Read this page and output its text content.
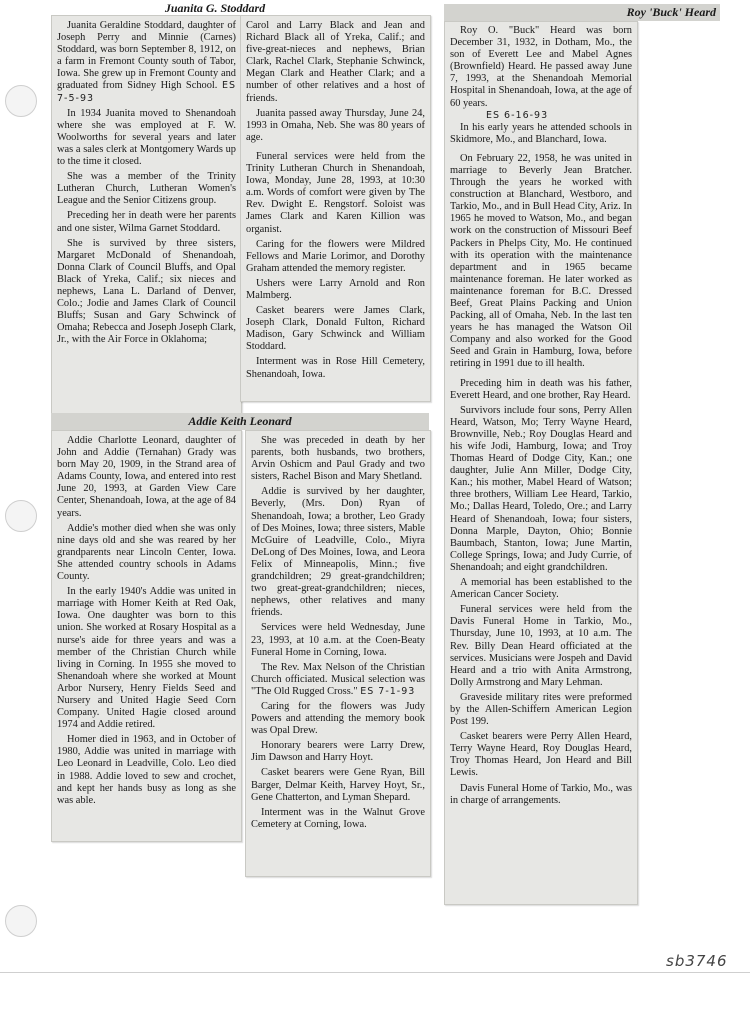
Juanita G. Stoddard

Juanita Geraldine Stoddard, daughter of Joseph Perry and Minnie (Carnes) Stoddard, was born September 8, 1912, on a farm in Fremont County south of Tabor, Iowa. She grew up in Fremont County and graduated from Sidney High School. ES 7-5-93

In 1934 Juanita moved to Shenandoah where she was employed at F. W. Woolworths for several years and later was a sales clerk at Montgomery Wards up to the time it closed.

She was a member of the Trinity Lutheran Church, Lutheran Women's League and the Senior Citizens group.

Preceding her in death were her parents and one sister, Wilma Garnet Stoddard.

She is survived by three sisters, Margaret McDonald of Shenandoah, Donna Clark of Council Bluffs, and Opal Black of Yreka, Calif.; six nieces and nephews, Lana L. Darland of Denver, Colo.; Jodie and James Clark of Council Bluffs; Susan and Gary Schwinck of Omaha; Rebecca and Joseph Joseph Clark, Jr., with the Air Force in Oklahoma;

Carol and Larry Black and Jean and Richard Black all of Yreka, Calif.; and five-great-nieces and nephews, Brian Clark, Rachel Clark, Stephanie Schwinck, Megan Clark and Heather Clark; and a number of other relatives and a host of friends.

Juanita passed away Thursday, June 24, 1993 in Omaha, Neb. She was 80 years of age.

Funeral services were held from the Trinity Lutheran Church in Shenandoah, Iowa, Monday, June 28, 1993, at 10:30 a.m. Words of comfort were given by The Rev. Dwight E. Rengstorf. Soloist was James Clark and Karen Killion was organist.

Caring for the flowers were Mildred Fellows and Marie Lorimor, and Dorothy Graham attended the memory register.

Ushers were Larry Arnold and Ron Malmberg.

Casket bearers were James Clark, Joseph Clark, Donald Fulton, Richard Madison, Gary Schwinck and William Stoddard.

Interment was in Rose Hill Cemetery, Shenandoah, Iowa.

Addie Keith Leonard

Addie Charlotte Leonard, daughter of John and Addie (Ternahan) Grady was born May 20, 1909, in the Strand area of Adams County, Iowa, and entered into rest June 20, 1993, at Garden View Care Center, Shenandoah, Iowa, at the age of 84 years.

Addie's mother died when she was only nine days old and she was reared by her grandparents near Lincoln Center, Iowa. She attended country schools in Adams County.

In the early 1940's Addie was united in marriage with Homer Keith at Red Oak, Iowa. One daughter was born to this union. She worked at Rosary Hospital as a nurse's aide for three years and was a member of the Christian Church while living in Corning. In 1955 she moved to Shenandoah where she worked at Mount Arbor Nursery, Henry Fields Seed and Nursery and United Hagie Seed Corn Company. United Hagie closed around 1974 and Addie retired.

Homer died in 1963, and in October of 1980, Addie was united in marriage with Leo Leonard in Leadville, Colo. Leo died in 1988. Addie loved to sew and crochet, and kept her hands busy as long as she was able.

She was preceded in death by her parents, both husbands, two brothers, Arvin Oshicm and Paul Grady and two sisters, Rachel Bison and Mary Shetland.

Addie is survived by her daughter, Beverly, (Mrs. Don) Ryan of Shenandoah, Iowa; a brother, Leo Grady of Des Moines, Iowa; three sisters, Mable McGuire of Leadville, Colo., Miyra DeLong of Des Moines, Iowa, and Leora Felix of Minneapolis, Minn.; five grandchildren; 29 great-grandchildren; two great-great-grandchildren; nieces, nephews, other relatives and many friends.

Services were held Wednesday, June 23, 1993, at 10 a.m. at the Coen-Beaty Funeral Home in Corning, Iowa.

The Rev. Max Nelson of the Christian Church officiated. Musical selection was "The Old Rugged Cross." ES 7-1-93

Caring for the flowers was Judy Powers and attending the memory book was Opal Drew.

Honorary bearers were Larry Drew, Jim Dawson and Harry Hoyt.

Casket bearers were Gene Ryan, Bill Barger, Delmar Keith, Harvey Hoyt, Sr., Gene Chatterton, and Lyman Shepard.

Interment was in the Walnut Grove Cemetery at Corning, Iowa.

Roy 'Buck' Heard

Roy O. "Buck" Heard was born December 31, 1932, in Dotham, Mo., the son of Everett Lee and Mabel Agnes (Brownfield) Heard. He passed away June 7, 1993, at the Shenandoah Memorial Hospital in Shenandoah, Iowa, at the age of 60 years.

ES 6-16-93

In his early years he attended schools in Skidmore, Mo., and Blanchard, Iowa.

On February 22, 1958, he was united in marriage to Beverly Jean Bratcher. Through the years he worked with construction at Blanchard, Westboro, and Tarkio, Mo., and in Bull Head City, Ariz. In 1965 he moved to Watson, Mo., and began work on the construction of Missouri Beef Packers in Phelps City, Mo. He continued with its operation with the maintenance department and in 1965 became maintenance foreman. He later worked as maintenance foreman for B.C. Dressed Beef, Great Plains Packing and Union Packing, all of Omaha, Neb. In the last ten years he has managed the Watson Oil Company and also worked for the Good Seed and Grain in Hamburg, Iowa, before retiring in 1991 due to ill health.

Preceding him in death was his father, Everett Heard, and one brother, Ray Heard.

Survivors include four sons, Perry Allen Heard, Watson, Mo; Terry Wayne Heard, Brownville, Neb.; Roy Douglas Heard and his wife Jodi, Hamburg, Iowa; and Troy Thomas Heard of Dodge City, Kan.; one daughter, Julie Ann Miller, Dodge City, Kan.; his mother, Mabel Heard of Watson; three brothers, William Lee Heard, Tarkio, Mo.; Dallas Heard, Toledo, Ore.; and Larry Heard of Shenandoah, Iowa; four sisters, Donna Marple, Dayton, Ohio; Bonnie Baumbach, Stanton, Iowa; June Martin, College Springs, Iowa; and Judy Currie, of Shenandoah; and eight grandchildren.

A memorial has been established to the American Cancer Society.

Funeral services were held from the Davis Funeral Home in Tarkio, Mo., Thursday, June 10, 1993, at 10 a.m. The Rev. Billy Dean Heard officiated at the services. Musicians were Jospeh and David Heard and a trio with Anita Armstrong, Dolly Armstrong and Mary Lehman.

Graveside military rites were preformed by the Allen-Schiffern American Legion Post 199.

Casket bearers were Perry Allen Heard, Terry Wayne Heard, Roy Douglas Heard, Troy Thomas Heard, Jon Heard and Bill Lewis.

Davis Funeral Home of Tarkio, Mo., was in charge of arrangements.

sb3746
